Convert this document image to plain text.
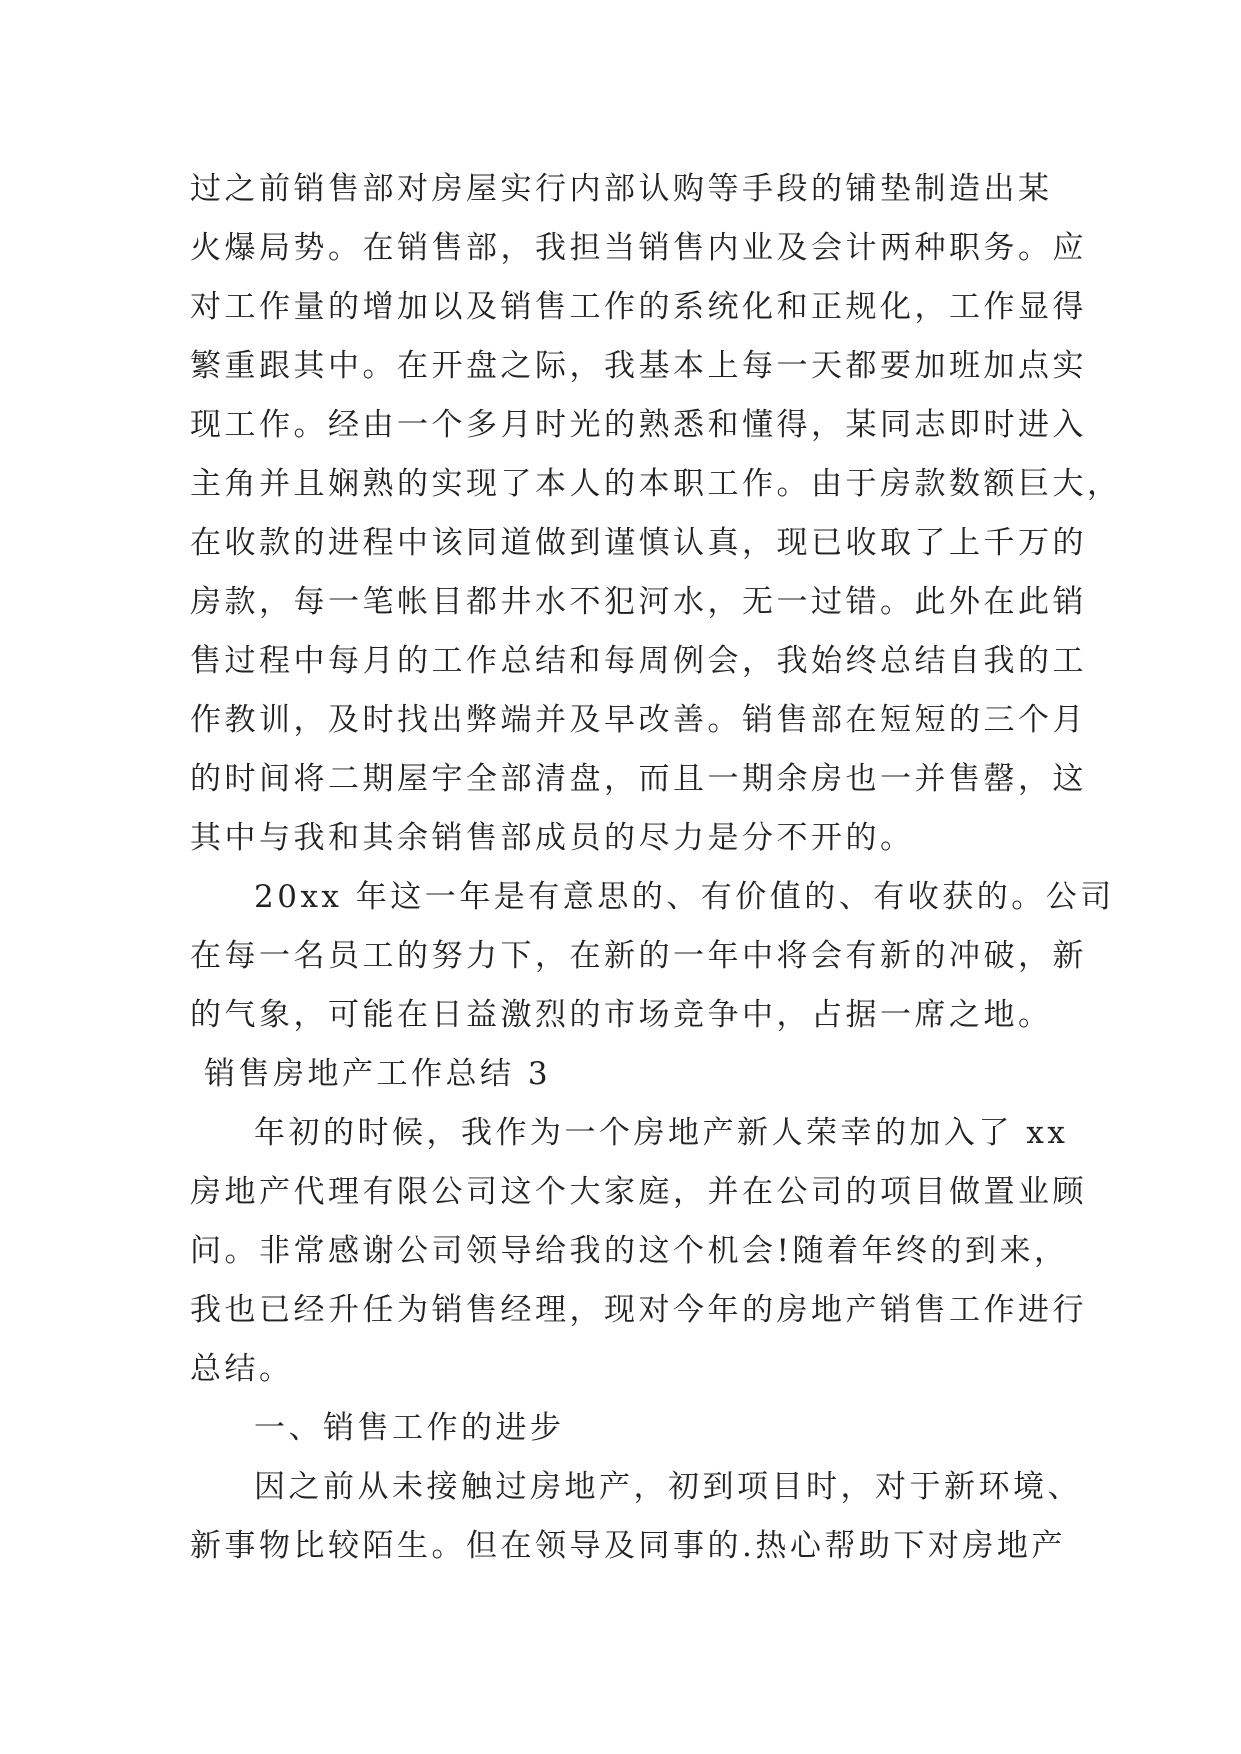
过之前销售部对房屋实行内部认购等手段的铺垫制造出某
火爆局势。在销售部，我担当销售内业及会计两种职务。应
对工作量的增加以及销售工作的系统化和正规化，工作显得
繁重跟其中。在开盘之际，我基本上每一天都要加班加点实
现工作。经由一个多月时光的熟悉和懂得，某同志即时进入
主角并且娴熟的实现了本人的本职工作。由于房款数额巨大，
在收款的进程中该同道做到谨慎认真，现已收取了上千万的
房款，每一笔帐目都井水不犯河水，无一过错。此外在此销
售过程中每月的工作总结和每周例会，我始终总结自我的工
作教训，及时找出弊端并及早改善。销售部在短短的三个月
的时间将二期屋宇全部清盘，而且一期余房也一并售罄，这
其中与我和其余销售部成员的尽力是分不开的。
20xx 年这一年是有意思的、有价值的、有收获的。公司
在每一名员工的努力下，在新的一年中将会有新的冲破，新
的气象，可能在日益激烈的市场竞争中，占据一席之地。
销售房地产工作总结 3
年初的时候，我作为一个房地产新人荣幸的加入了 xx
房地产代理有限公司这个大家庭，并在公司的项目做置业顾
问。非常感谢公司领导给我的这个机会!随着年终的到来，
我也已经升任为销售经理，现对今年的房地产销售工作进行
总结。
一、销售工作的进步
因之前从未接触过房地产，初到项目时，对于新环境、
新事物比较陌生。但在领导及同事的.热心帮助下对房地产
